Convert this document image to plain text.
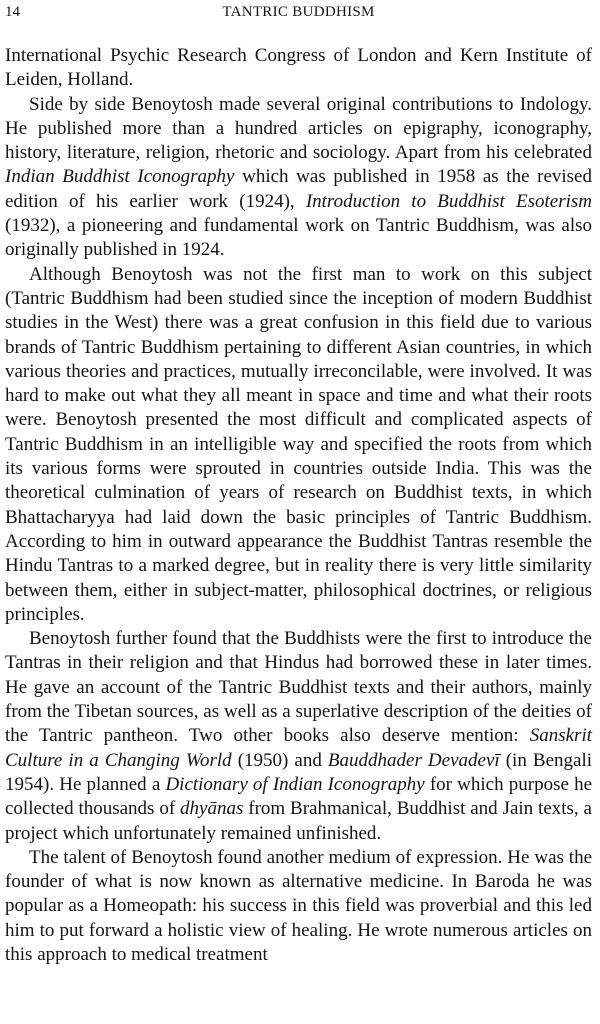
14	TANTRIC BUDDHISM

International Psychic Research Congress of London and Kern Institute of Leiden, Holland.

Side by side Benoytosh made several original contributions to Indology. He published more than a hundred articles on epigraphy, iconography, history, literature, religion, rhetoric and sociology. Apart from his celebrated Indian Buddhist Iconography which was published in 1958 as the revised edition of his earlier work (1924), Introduction to Buddhist Esoterism (1932), a pioneering and fundamental work on Tantric Buddhism, was also originally published in 1924.

Although Benoytosh was not the first man to work on this subject (Tantric Buddhism had been studied since the inception of modern Buddhist studies in the West) there was a great confusion in this field due to various brands of Tantric Buddhism pertaining to different Asian countries, in which various theories and practices, mutually irreconcilable, were involved. It was hard to make out what they all meant in space and time and what their roots were. Benoytosh presented the most difficult and complicated aspects of Tantric Buddhism in an intelligible way and specified the roots from which its various forms were sprouted in countries outside India. This was the theoretical culmination of years of research on Buddhist texts, in which Bhattacharyya had laid down the basic principles of Tantric Buddhism. According to him in outward appearance the Buddhist Tantras resemble the Hindu Tantras to a marked degree, but in reality there is very little similarity between them, either in subject-matter, philosophical doctrines, or religious principles.

Benoytosh further found that the Buddhists were the first to introduce the Tantras in their religion and that Hindus had borrowed these in later times. He gave an account of the Tantric Buddhist texts and their authors, mainly from the Tibetan sources, as well as a superlative description of the deities of the Tantric pantheon. Two other books also deserve mention: Sanskrit Culture in a Changing World (1950) and Bauddhader Devadevī (in Bengali 1954). He planned a Dictionary of Indian Iconography for which purpose he collected thousands of dhyānas from Brahmanical, Buddhist and Jain texts, a project which unfortunately remained unfinished.

The talent of Benoytosh found another medium of expression. He was the founder of what is now known as alternative medicine. In Baroda he was popular as a Homeopath: his success in this field was proverbial and this led him to put forward a holistic view of healing. He wrote numerous articles on this approach to medical treatment
